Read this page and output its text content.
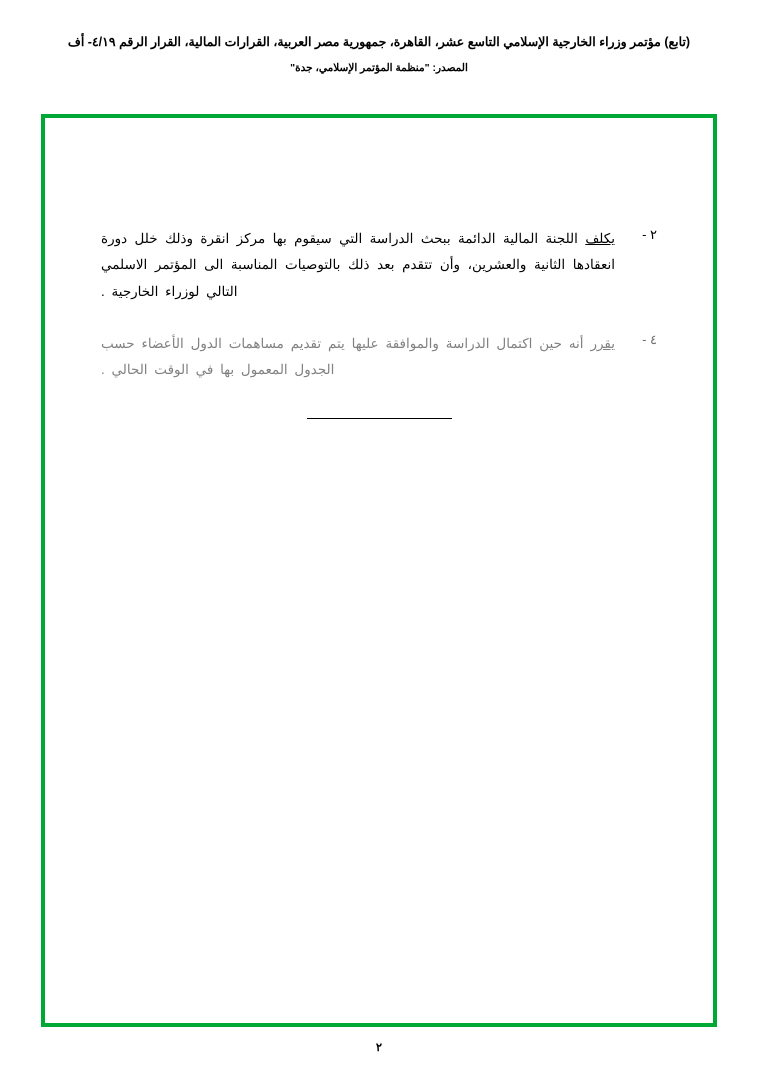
(تابع) مؤتمر وزراء الخارجية الإسلامي التاسع عشر، القاهرة، جمهورية مصر العربية، القرارات المالية، القرار الرقم ٤/١٩- أف
المصدر: "منظمة المؤتمر الإسلامي، جدة"
٢ -
يكلف اللجنة المالية الدائمة ببحث الدراسة التي سيقوم بها مركز انقرة وذلك خلل دورة انعقادها الثانية والعشرين، وأن تتقدم بعد ذلك بالتوصيات المناسبة الى المؤتمر الاسلمي التالي لوزراء الخارجية .
٤ -
يقرر أنه حين اكتمال الدراسة والموافقة عليها يتم تقديم مساهمات الدول الأعضاء حسب الجدول المعمول بها في الوقت الحالي .
٢
